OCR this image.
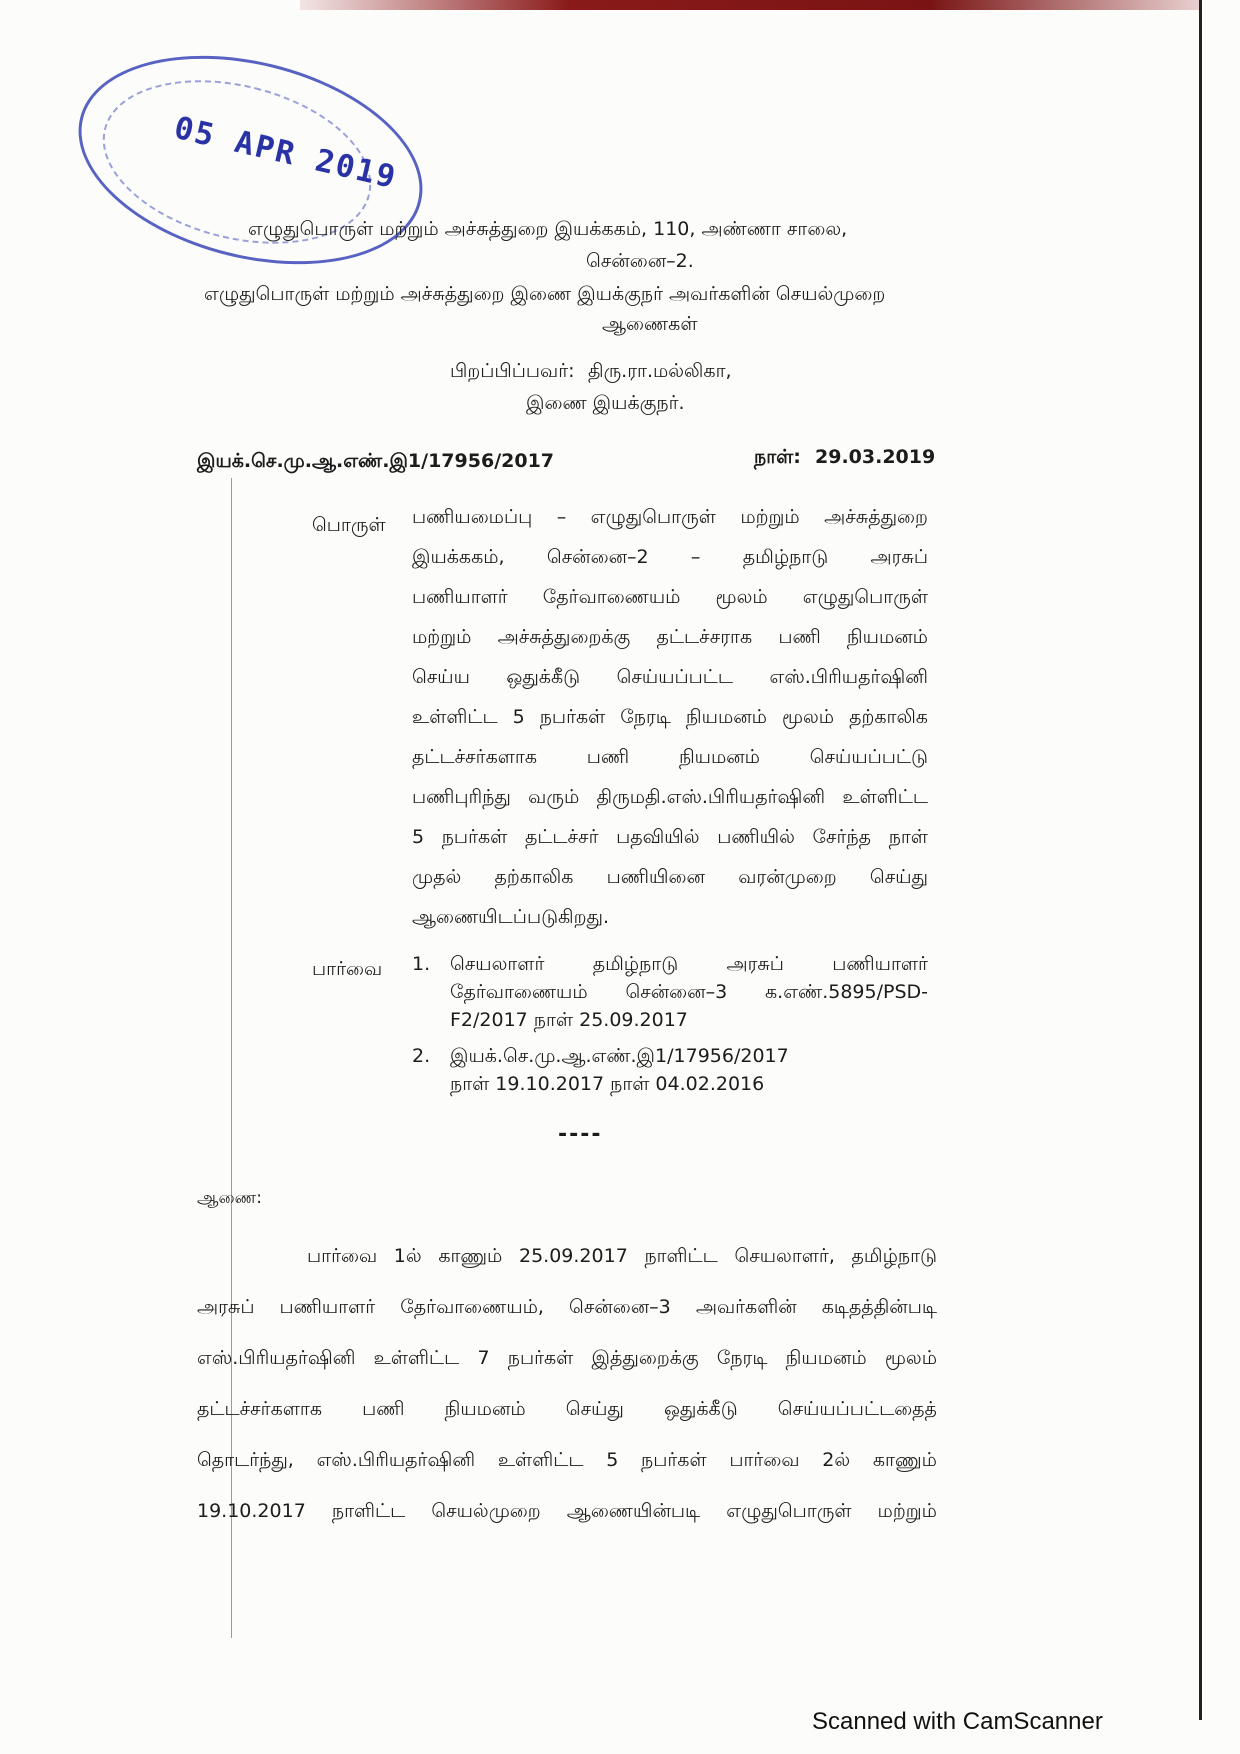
05 APR 2019
எழுதுபொருள் மற்றும் அச்சுத்துறை இயக்ககம், 110, அண்ணா சாலை,
சென்னை–2.
எழுதுபொருள் மற்றும் அச்சுத்துறை இணை இயக்குநர் அவர்களின் செயல்முறை
ஆணைகள்
பிறப்பிப்பவர்: திரு.ரா.மல்லிகா,
இணை இயக்குநர்.
இயக்.செ.மு.ஆ.எண்.இ1/17956/2017	நாள்: 29.03.2019
பொருள் பணியமைப்பு – எழுதுபொருள் மற்றும் அச்சுத்துறை
இயக்ககம், சென்னை–2 – தமிழ்நாடு அரசுப்
பணியாளர் தேர்வாணையம் மூலம் எழுதுபொருள்
மற்றும் அச்சுத்துறைக்கு தட்டச்சராக பணி நியமனம்
செய்ய ஒதுக்கீடு செய்யப்பட்ட எஸ்.பிரியதர்ஷினி
உள்ளிட்ட 5 நபர்கள் நேரடி நியமனம் மூலம் தற்காலிக
தட்டச்சர்களாக	பணி	நியமனம்	செய்யப்பட்டு
பணிபுரிந்து வரும் திருமதி.எஸ்.பிரியதர்ஷினி உள்ளிட்ட
5 நபர்கள் தட்டச்சர் பதவியில் பணியில் சேர்ந்த நாள்
முதல் தற்காலிக பணியினை வரன்முறை செய்து
ஆணையிடப்படுகிறது.
பார்வை 1.	செயலாளர்	தமிழ்நாடு	அரசுப்	பணியாளர்
தேர்வாணையம் சென்னை–3 க.எண்.5895/PSD-
F2/2017 நாள் 25.09.2017
2.	இயக்.செ.மு.ஆ.எண்.இ1/17956/2017
நாள் 19.10.2017 நாள் 04.02.2016
----
ஆணை:
பார்வை 1ல் காணும் 25.09.2017 நாளிட்ட செயலாளர், தமிழ்நாடு
அரசுப் பணியாளர் தேர்வாணையம், சென்னை–3 அவர்களின் கடிதத்தின்படி
எஸ்.பிரியதர்ஷினி உள்ளிட்ட 7 நபர்கள் இத்துறைக்கு நேரடி நியமனம் மூலம்
தட்டச்சர்களாக பணி நியமனம் செய்து ஒதுக்கீடு செய்யப்பட்டதைத்
தொடர்ந்து, எஸ்.பிரியதர்ஷினி உள்ளிட்ட 5 நபர்கள் பார்வை 2ல் காணும்
19.10.2017 நாளிட்ட செயல்முறை ஆணையின்படி எழுதுபொருள் மற்றும்
Scanned with CamScanner
